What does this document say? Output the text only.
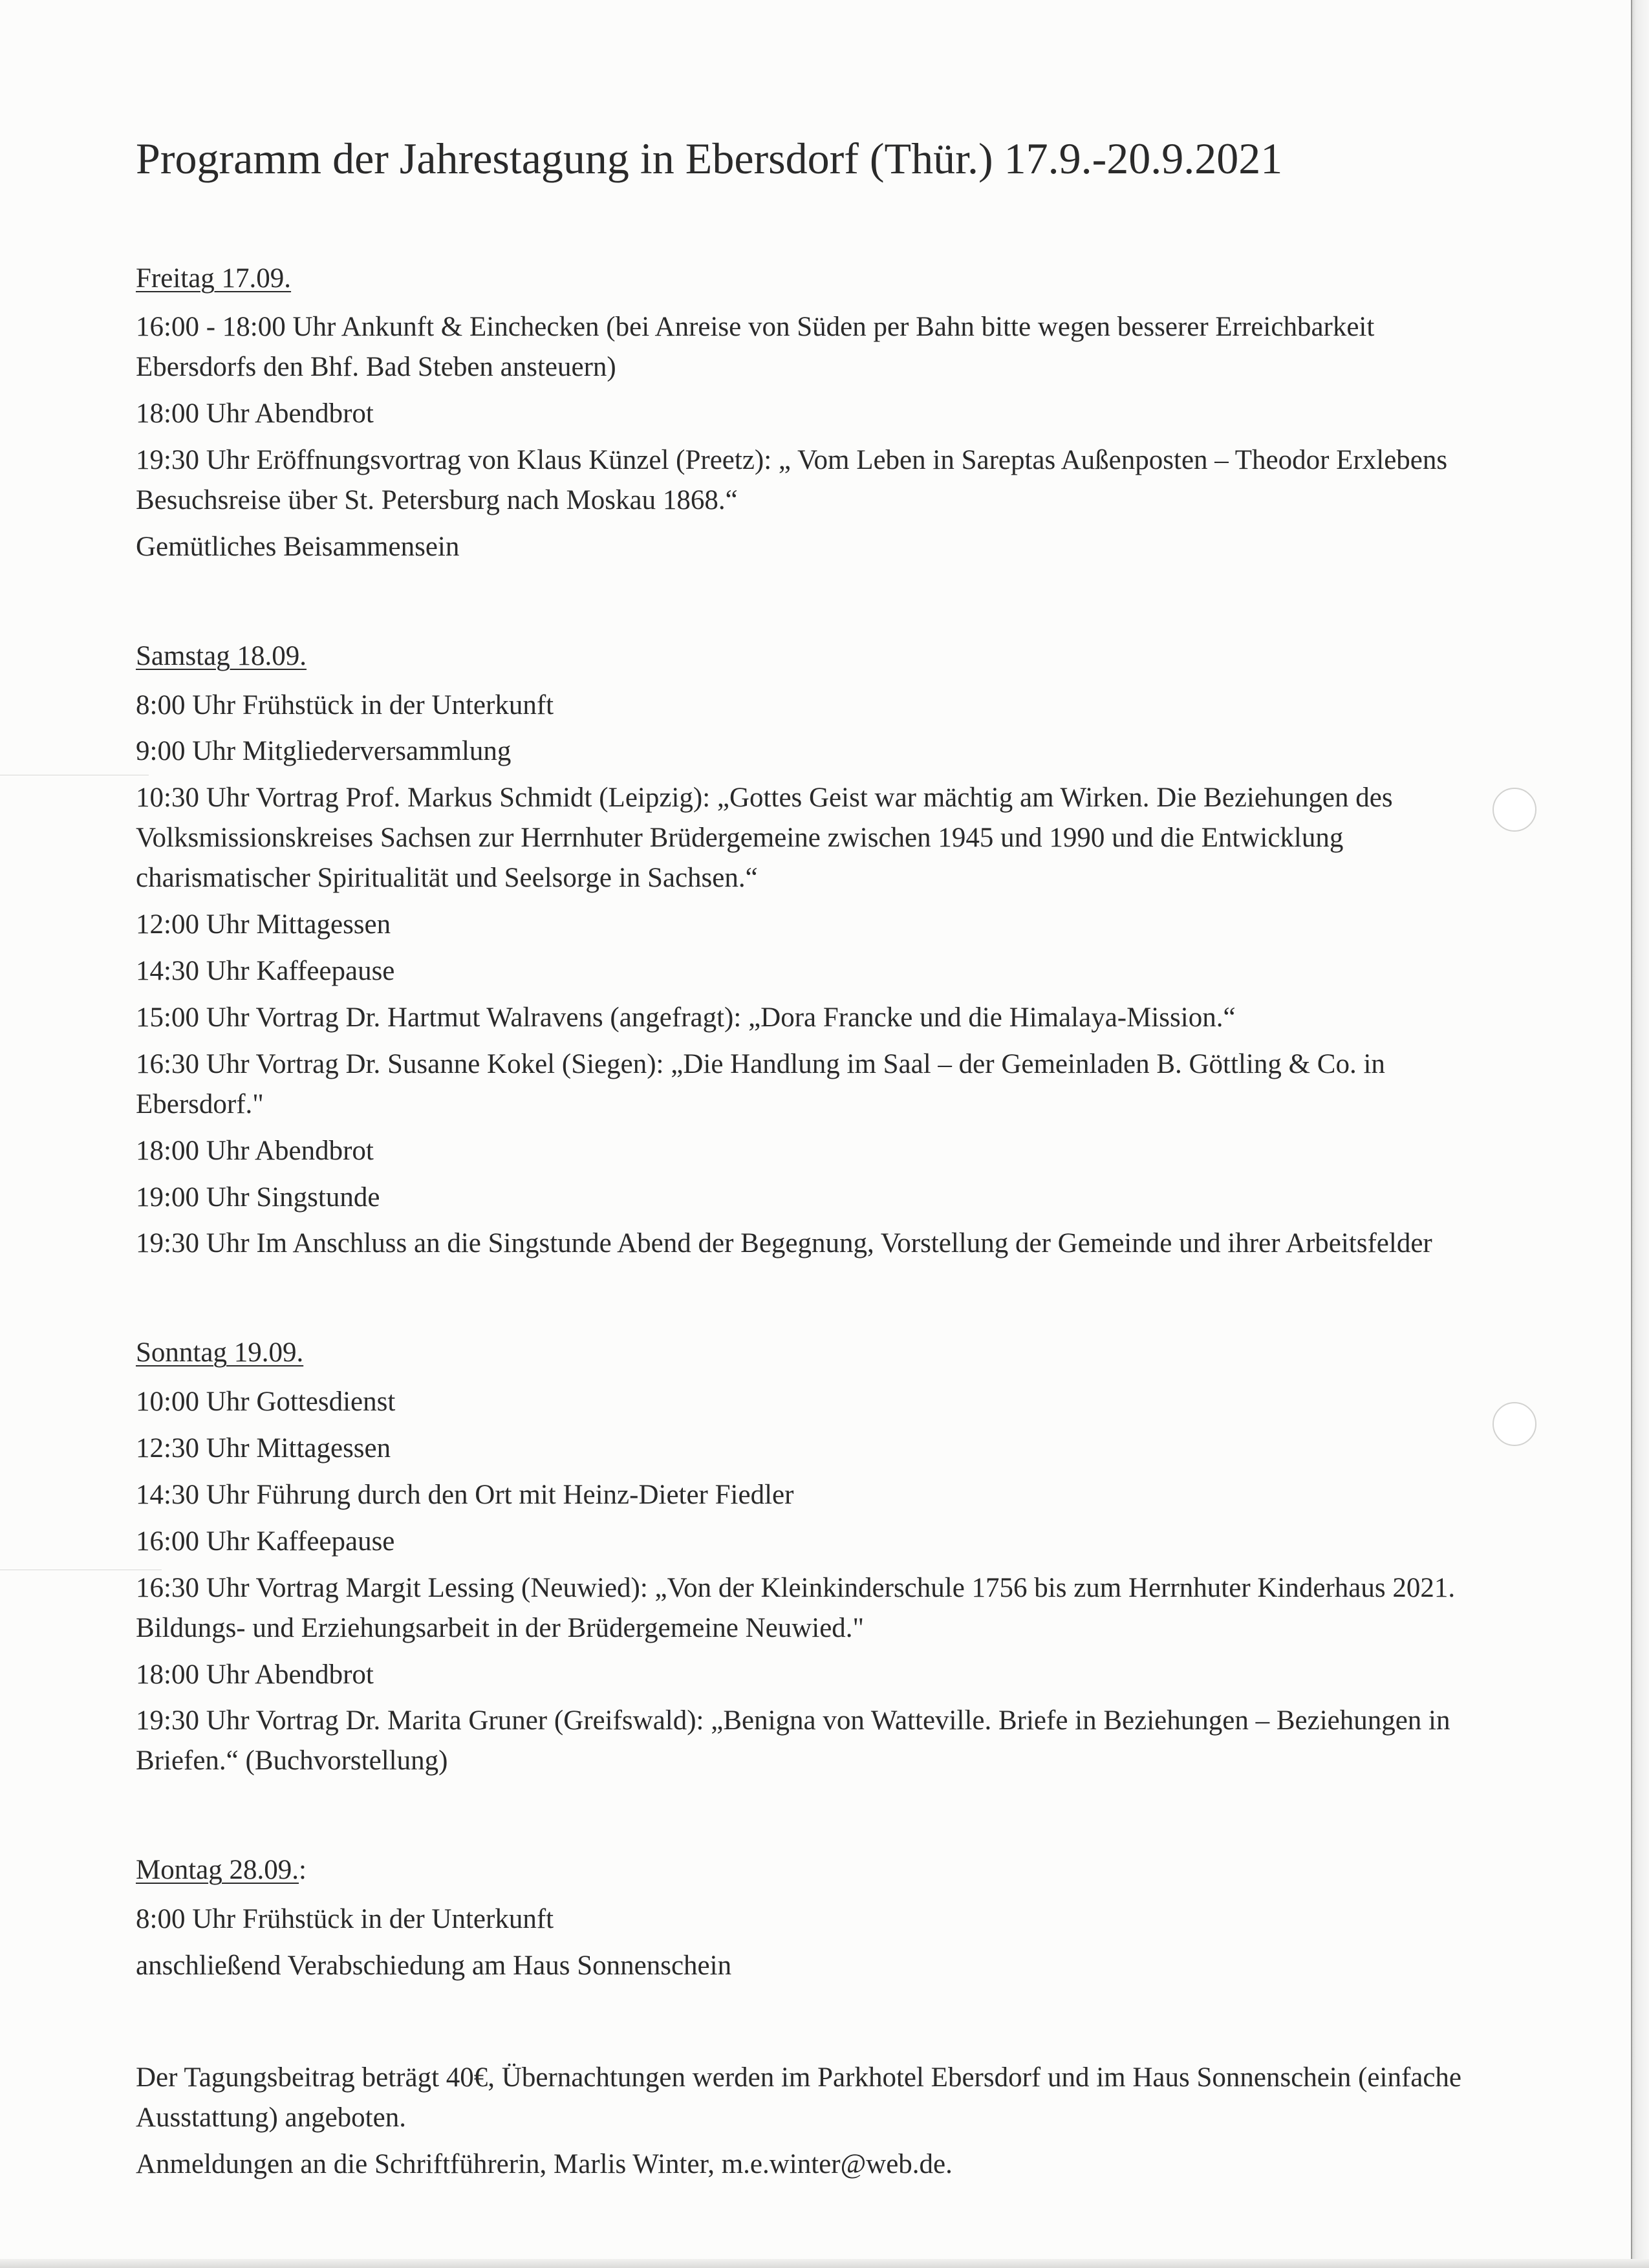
Programm der Jahrestagung in Ebersdorf (Thür.) 17.9.-20.9.2021
Freitag 17.09.
16:00 - 18:00 Uhr Ankunft & Einchecken (bei Anreise von Süden per Bahn bitte wegen besserer Erreichbarkeit Ebersdorfs den Bhf. Bad Steben ansteuern)
18:00 Uhr Abendbrot
19:30 Uhr Eröffnungsvortrag von Klaus Künzel (Preetz): „ Vom Leben in Sareptas Außenposten – Theodor Erxlebens Besuchsreise über St. Petersburg nach Moskau 1868.“
Gemütliches Beisammensein
Samstag 18.09.
8:00 Uhr Frühstück in der Unterkunft
9:00 Uhr Mitgliederversammlung
10:30 Uhr Vortrag Prof. Markus Schmidt (Leipzig): „Gottes Geist war mächtig am Wirken. Die Beziehungen des Volksmissionskreises Sachsen zur Herrnhuter Brüdergemeine zwischen 1945 und 1990 und die Entwicklung charismatischer Spiritualität und Seelsorge in Sachsen.“
12:00 Uhr Mittagessen
14:30 Uhr Kaffeepause
15:00 Uhr Vortrag Dr. Hartmut Walravens (angefragt): „Dora Francke und die Himalaya-Mission.“
16:30 Uhr Vortrag Dr. Susanne Kokel (Siegen): „Die Handlung im Saal – der Gemeinladen B. Göttling & Co. in Ebersdorf."
18:00 Uhr Abendbrot
19:00 Uhr Singstunde
19:30 Uhr Im Anschluss an die Singstunde Abend der Begegnung, Vorstellung der Gemeinde und ihrer Arbeitsfelder
Sonntag 19.09.
10:00 Uhr Gottesdienst
12:30 Uhr Mittagessen
14:30 Uhr Führung durch den Ort mit Heinz-Dieter Fiedler
16:00 Uhr Kaffeepause
16:30 Uhr Vortrag Margit Lessing (Neuwied): „Von der Kleinkinderschule 1756 bis zum Herrnhuter Kinderhaus 2021. Bildungs- und Erziehungsarbeit in der Brüdergemeine Neuwied."
18:00 Uhr Abendbrot
19:30 Uhr Vortrag Dr. Marita Gruner (Greifswald): „Benigna von Watteville. Briefe in Beziehungen – Beziehungen in Briefen.“ (Buchvorstellung)
Montag 28.09.:
8:00 Uhr Frühstück in der Unterkunft
anschließend Verabschiedung am Haus Sonnenschein

Der Tagungsbeitrag beträgt 40€, Übernachtungen werden im Parkhotel Ebersdorf und im Haus Sonnenschein (einfache Ausstattung) angeboten.

Anmeldungen an die Schriftführerin, Marlis Winter, m.e.winter@web.de.
